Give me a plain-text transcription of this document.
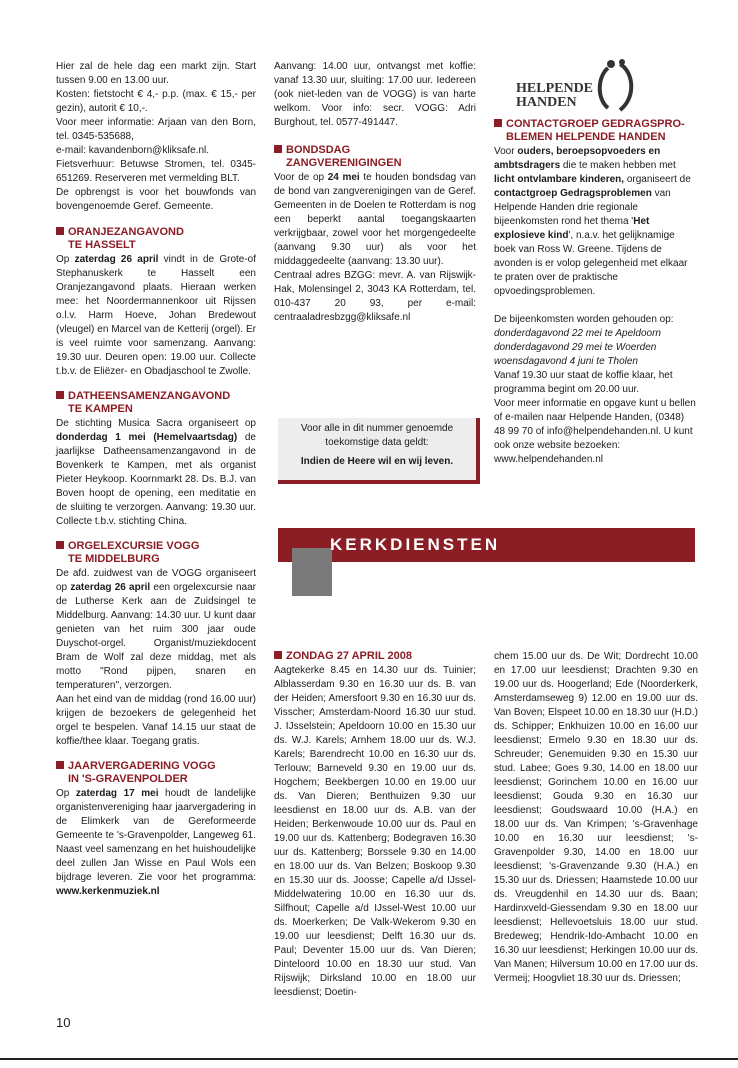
Hier zal de hele dag een markt zijn. Start tussen 9.00 en 13.00 uur.

Kosten: fietstocht € 4,- p.p. (max. € 15,- per gezin), autorit € 10,-.

Voor meer informatie: Arjaan van den Born, tel. 0345-535688,

e-mail: kavandenborn@kliksafe.nl.

Fietsverhuur: Betuwse Stromen, tel. 0345-651269. Reserveren met vermelding BLT.

De opbrengst is voor het bouwfonds van bovengenoemde Geref. Gemeente.

ORANJEZANGAVOND
TE HASSELT

Op zaterdag 26 april vindt in de Grote-of Stephanuskerk te Hasselt een Oranjezangavond plaats. Hieraan werken mee: het Noordermannenkoor uit Rijssen o.l.v. Harm Hoeve, Johan Bredewout (vleugel) en Marcel van de Ketterij (orgel). Er is veel ruimte voor samenzang. Aanvang: 19.30 uur. Deuren open: 19.00 uur. Collecte t.b.v. de Eliëzer- en Obadjaschool te Zwolle.

DATHEENSAMENZANGAVOND
TE KAMPEN

De stichting Musica Sacra organiseert op donderdag 1 mei (Hemelvaartsdag) de jaarlijkse Datheensamenzangavond in de Bovenkerk te Kampen, met als organist Pieter Heykoop. Koornmarkt 28. Ds. B.J. van Boven hoopt de opening, een meditatie en de sluiting te verzorgen. Aanvang: 19.30 uur. Collecte t.b.v. stichting China.

ORGELEXCURSIE VOGG
TE MIDDELBURG

De afd. zuidwest van de VOGG organiseert op zaterdag 26 april een orgelexcursie naar de Lutherse Kerk aan de Zuidsingel te Middelburg. Aanvang: 14.30 uur. U kunt daar genieten van het ruim 300 jaar oude Duyschot-orgel. Organist/muziekdocent Bram de Wolf zal deze middag, met als motto "Rond pijpen, snaren en temperaturen", verzorgen.

Aan het eind van de middag (rond 16.00 uur) krijgen de bezoekers de gelegenheid het orgel te bespelen. Vanaf 14.15 uur staat de koffie/thee klaar. Toegang gratis.

JAARVERGADERING VOGG
IN 'S-GRAVENPOLDER

Op zaterdag 17 mei houdt de landelijke organistenvereniging haar jaarvergadering in de Elimkerk van de Gereformeerde Gemeente te 's-Gravenpolder, Langeweg 61. Naast veel samenzang en het huishoudelijke deel zullen Jan Wisse en Paul Wols een bijdrage leveren. Zie voor het programma: www.kerkenmuziek.nl

Aanvang: 14.00 uur, ontvangst met koffie: vanaf 13.30 uur, sluiting: 17.00 uur. Iedereen (ook niet-leden van de VOGG) is van harte welkom. Voor info: secr. VOGG: Adri Burghout, tel. 0577-491447.

BONDSDAG
ZANGVERENIGINGEN

Voor de op 24 mei te houden bondsdag van de bond van zangverenigingen van de Geref. Gemeenten in de Doelen te Rotterdam is nog een beperkt aantal toegangskaarten verkrijgbaar, zowel voor het morgengedeelte (aanvang 9.30 uur) als voor het middaggedeelte (aanvang: 13.30 uur).

Centraal adres BZGG: mevr. A. van Rijswijk-Hak, Molensingel 2, 3043 KA Rotterdam, tel. 010-437 20 93, per e-mail: centraaladresbzgg@kliksafe.nl

Voor alle in dit nummer genoemde
toekomstige data geldt:
Indien de Heere wil en wij leven.
HELPENDE
HANDEN
CONTACTGROEP GEDRAGSPRO-
BLEMEN HELPENDE HANDEN

Voor ouders, beroepsopvoeders en ambtsdragers die te maken hebben met licht ontvlambare kinderen, organiseert de contactgroep Gedragsproblemen van Helpende Handen drie regionale bijeenkomsten rond het thema 'Het explosieve kind', n.a.v. het gelijknamige boek van Ross W. Greene. Tijdens de avonden is er volop gelegenheid met elkaar te praten over de praktische opvoedingsproblemen.

De bijeenkomsten worden gehouden op:

donderdagavond 22 mei te Apeldoorn

donderdagavond 29 mei te Woerden

woensdagavond 4 juni te Tholen

Vanaf 19.30 uur staat de koffie klaar, het programma begint om 20.00 uur.

Voor meer informatie en opgave kunt u bellen of e-mailen naar Helpende Handen, (0348) 48 99 70 of info@helpendehanden.nl. U kunt ook onze website bezoeken: www.helpendehanden.nl

KERKDIENSTEN
ZONDAG 27 APRIL 2008

Aagtekerke 8.45 en 14.30 uur ds. Tuinier; Alblasserdam 9.30 en 16.30 uur ds. B. van der Heiden; Amersfoort 9.30 en 16.30 uur ds. Visscher; Amsterdam-Noord 16.30 uur stud. J. IJsselstein; Apeldoorn 10.00 en 15.30 uur ds. W.J. Karels; Arnhem 18.00 uur ds. W.J. Karels; Barendrecht 10.00 en 16.30 uur ds. Terlouw; Barneveld 9.30 en 19.00 uur ds. Hogchem; Beekbergen 10.00 en 19.00 uur ds. Van Dieren; Benthuizen 9.30 uur leesdienst en 18.00 uur ds. A.B. van der Heiden; Berkenwoude 10.00 uur ds. Paul en 19.00 uur ds. Kattenberg; Bodegraven 16.30 uur ds. Kattenberg; Borssele 9.30 en 14.00 en 18.00 uur ds. Van Belzen; Boskoop 9.30 en 15.30 uur ds. Joosse; Capelle a/d IJssel-Middelwatering 10.00 en 16.30 uur ds. Silfhout; Capelle a/d IJssel-West 10.00 uur ds. Moerkerken; De Valk-Wekerom 9.30 en 19.00 uur leesdienst; Delft 16.30 uur ds. Paul; Deventer 15.00 uur ds. Van Dieren; Dinteloord 10.00 en 18.30 uur stud. Van Rijswijk; Dirksland 10.00 en 18.00 uur leesdienst; Doetin-

chem 15.00 uur ds. De Wit; Dordrecht 10.00 en 17.00 uur leesdienst; Drachten 9.30 en 19.00 uur ds. Hoogerland; Ede (Noorderkerk, Amsterdamseweg 9) 12.00 en 19.00 uur ds. Van Boven; Elspeet 10.00 en 18.30 uur (H.D.) ds. Schipper; Enkhuizen 10.00 en 16.00 uur leesdienst; Ermelo 9.30 en 18.30 uur ds. Schreuder; Genemuiden 9.30 en 15.30 uur stud. Labee; Goes 9.30, 14.00 en 18.00 uur leesdienst; Gorinchem 10.00 en 16.00 uur leesdienst; Gouda 9.30 en 16.30 uur leesdienst; Goudswaard 10.00 (H.A.) en 18.00 uur ds. Van Krimpen; 's-Gravenhage 10.00 en 16.30 uur leesdienst; 's-Gravenpolder 9.30, 14.00 en 18.00 uur leesdienst; 's-Gravenzande 9.30 (H.A.) en 15.30 uur ds. Driessen; Haamstede 10.00 uur ds. Vreugdenhil en 14.30 uur ds. Baan; Hardinxveld-Giessendam 9.30 en 18.00 uur leesdienst; Hellevoetsluis 18.00 uur stud. Bredeweg; Hendrik-Ido-Ambacht 10.00 en 16.30 uur leesdienst; Herkingen 10.00 uur ds. Van Manen; Hilversum 10.00 en 17.00 uur ds. Vermeij; Hoogvliet 18.30 uur ds. Driessen;

10
